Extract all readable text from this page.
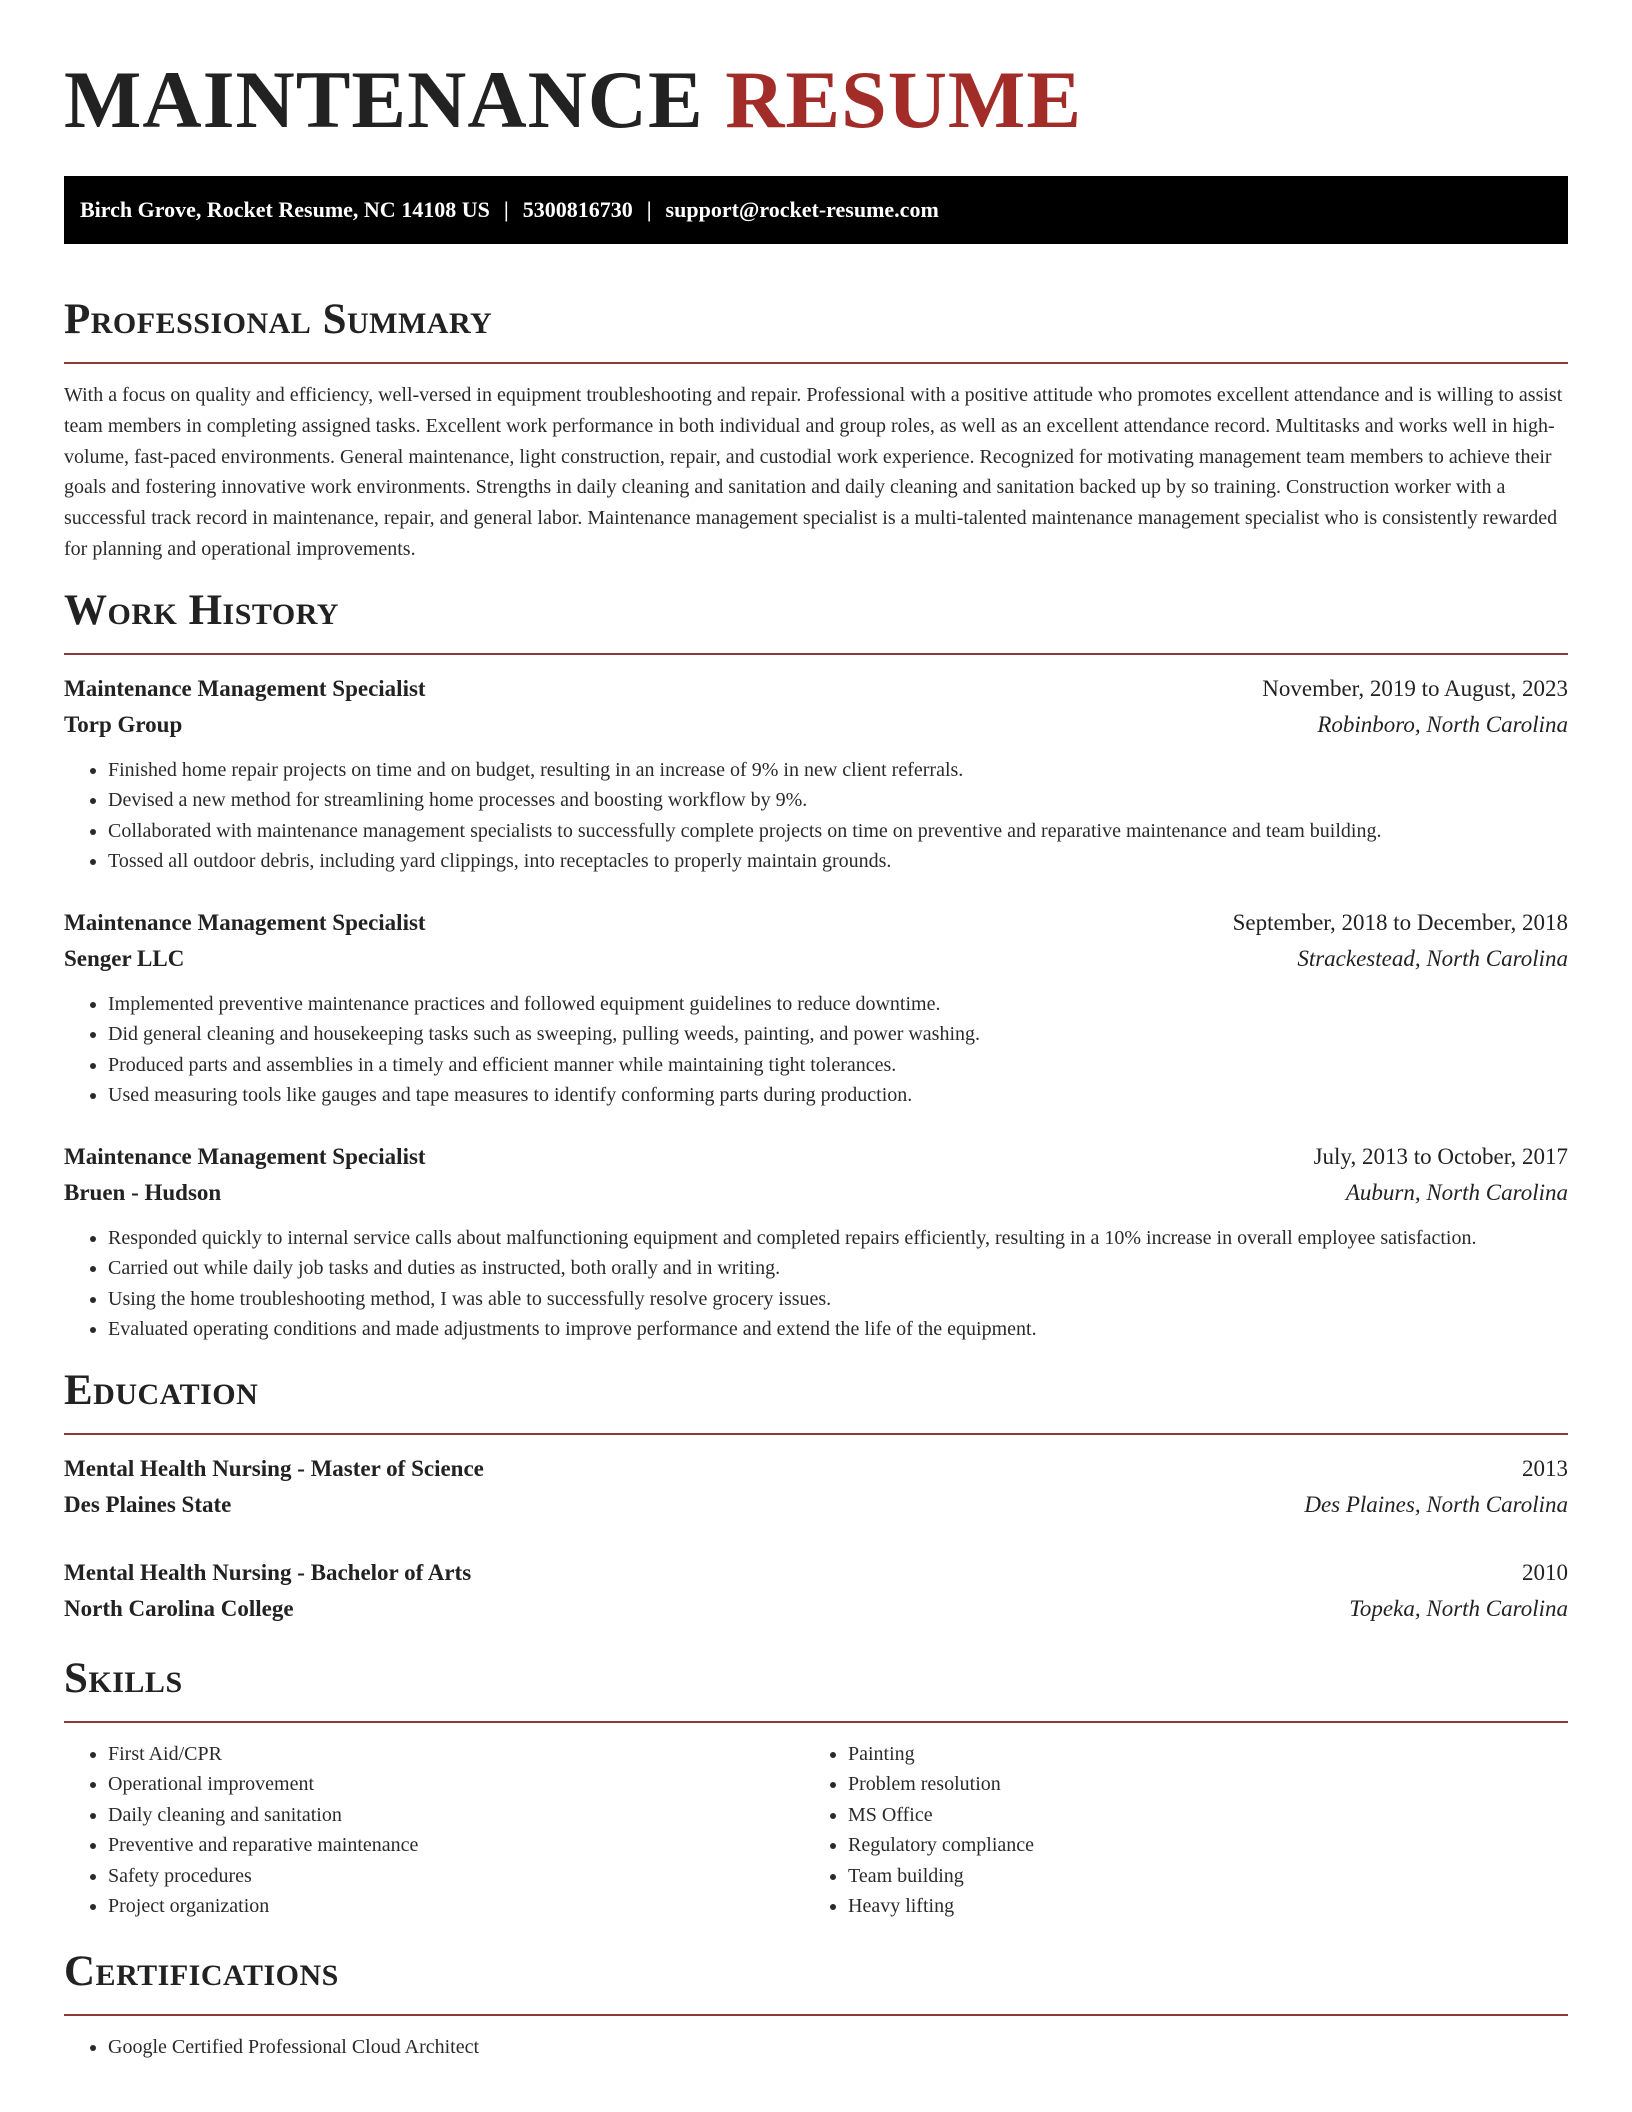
MAINTENANCE RESUME
Birch Grove, Rocket Resume, NC 14108 US | 5300816730 | support@rocket-resume.com
Professional Summary

With a focus on quality and efficiency, well-versed in equipment troubleshooting and repair. Professional with a positive attitude who promotes excellent attendance and is willing to assist team members in completing assigned tasks. Excellent work performance in both individual and group roles, as well as an excellent attendance record. Multitasks and works well in high-volume, fast-paced environments. General maintenance, light construction, repair, and custodial work experience. Recognized for motivating management team members to achieve their goals and fostering innovative work environments. Strengths in daily cleaning and sanitation and daily cleaning and sanitation backed up by so training. Construction worker with a successful track record in maintenance, repair, and general labor. Maintenance management specialist is a multi-talented maintenance management specialist who is consistently rewarded for planning and operational improvements.

Work History
Maintenance Management Specialist	November, 2019 to August, 2023
Torp Group	Robinboro, North Carolina
• Finished home repair projects on time and on budget, resulting in an increase of 9% in new client referrals.
• Devised a new method for streamlining home processes and boosting workflow by 9%.
• Collaborated with maintenance management specialists to successfully complete projects on time on preventive and reparative maintenance and team building.
• Tossed all outdoor debris, including yard clippings, into receptacles to properly maintain grounds.
Maintenance Management Specialist	September, 2018 to December, 2018
Senger LLC	Strackestead, North Carolina
• Implemented preventive maintenance practices and followed equipment guidelines to reduce downtime.
• Did general cleaning and housekeeping tasks such as sweeping, pulling weeds, painting, and power washing.
• Produced parts and assemblies in a timely and efficient manner while maintaining tight tolerances.
• Used measuring tools like gauges and tape measures to identify conforming parts during production.
Maintenance Management Specialist	July, 2013 to October, 2017
Bruen - Hudson	Auburn, North Carolina
• Responded quickly to internal service calls about malfunctioning equipment and completed repairs efficiently, resulting in a 10% increase in overall employee satisfaction.
• Carried out while daily job tasks and duties as instructed, both orally and in writing.
• Using the home troubleshooting method, I was able to successfully resolve grocery issues.
• Evaluated operating conditions and made adjustments to improve performance and extend the life of the equipment.
Education
Mental Health Nursing - Master of Science	2013
Des Plaines State	Des Plaines, North Carolina
Mental Health Nursing - Bachelor of Arts	2010
North Carolina College	Topeka, North Carolina
Skills
• First Aid/CPR
• Operational improvement
• Daily cleaning and sanitation
• Preventive and reparative maintenance
• Safety procedures
• Project organization
• Painting
• Problem resolution
• MS Office
• Regulatory compliance
• Team building
• Heavy lifting
Certifications
• Google Certified Professional Cloud Architect
